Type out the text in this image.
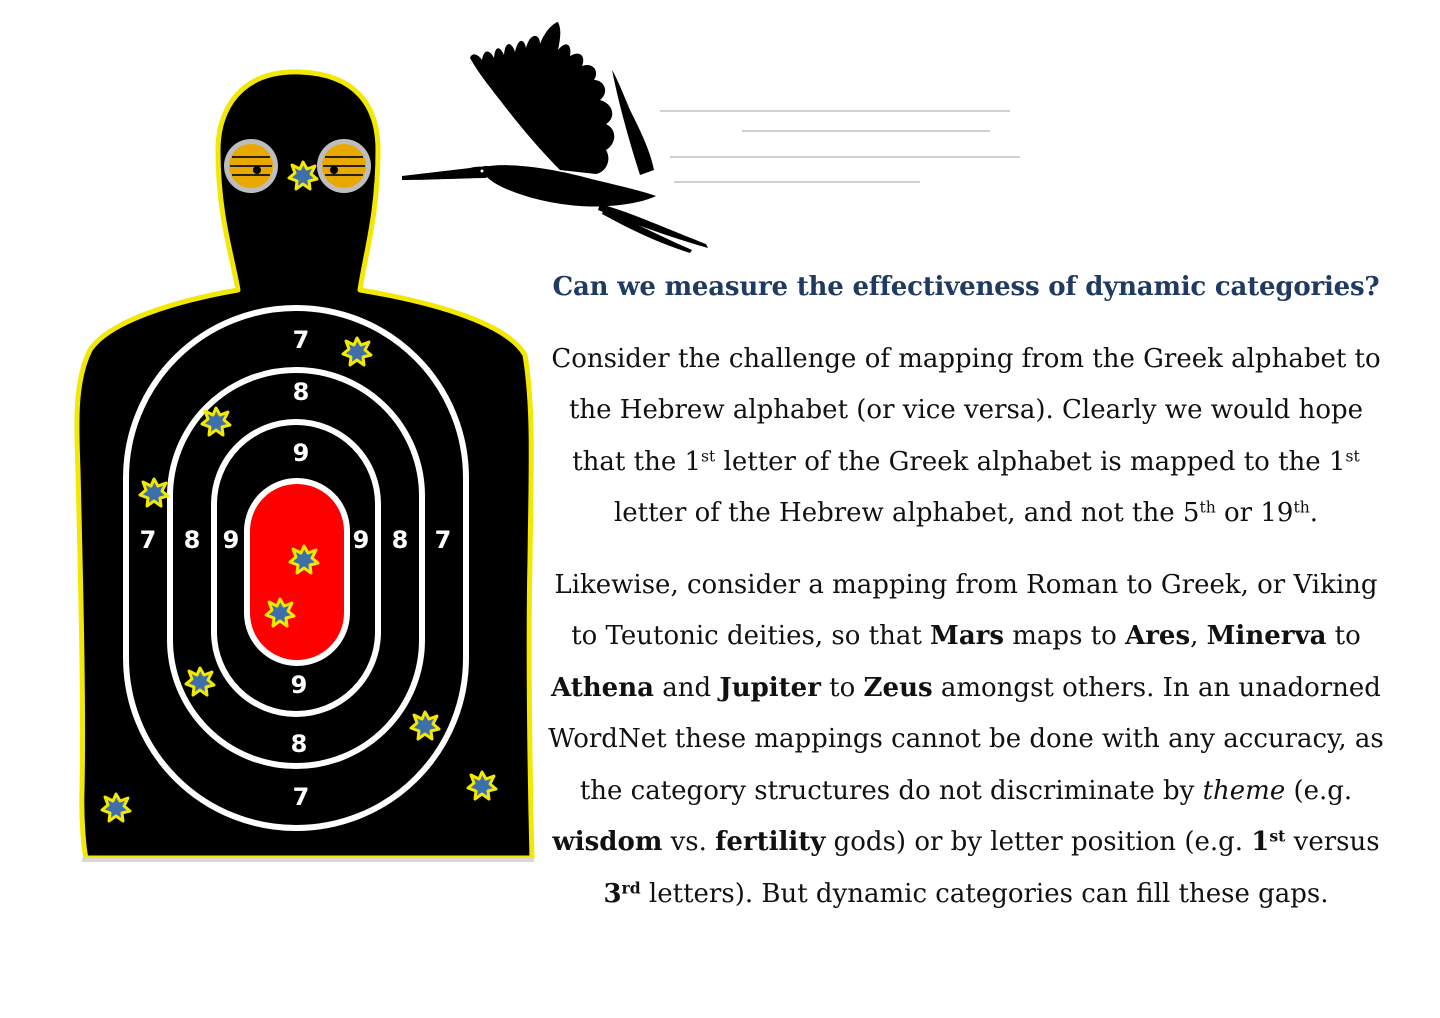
7
8
9
9
8
7
7 8 9	9 8 7

Can we measure the effectiveness of dynamic categories?

Consider the challenge of mapping from the Greek alphabet to the Hebrew alphabet (or vice versa). Clearly we would hope that the 1st letter of the Greek alphabet is mapped to the 1st letter of the Hebrew alphabet, and not the 5th or 19th.

Likewise, consider a mapping from Roman to Greek, or Viking to Teutonic deities, so that Mars maps to Ares, Minerva to Athena and Jupiter to Zeus amongst others. In an unadorned WordNet these mappings cannot be done with any accuracy, as the category structures do not discriminate by theme (e.g. wisdom vs. fertility gods) or by letter position (e.g. 1st versus 3rd letters). But dynamic categories can fill these gaps.
